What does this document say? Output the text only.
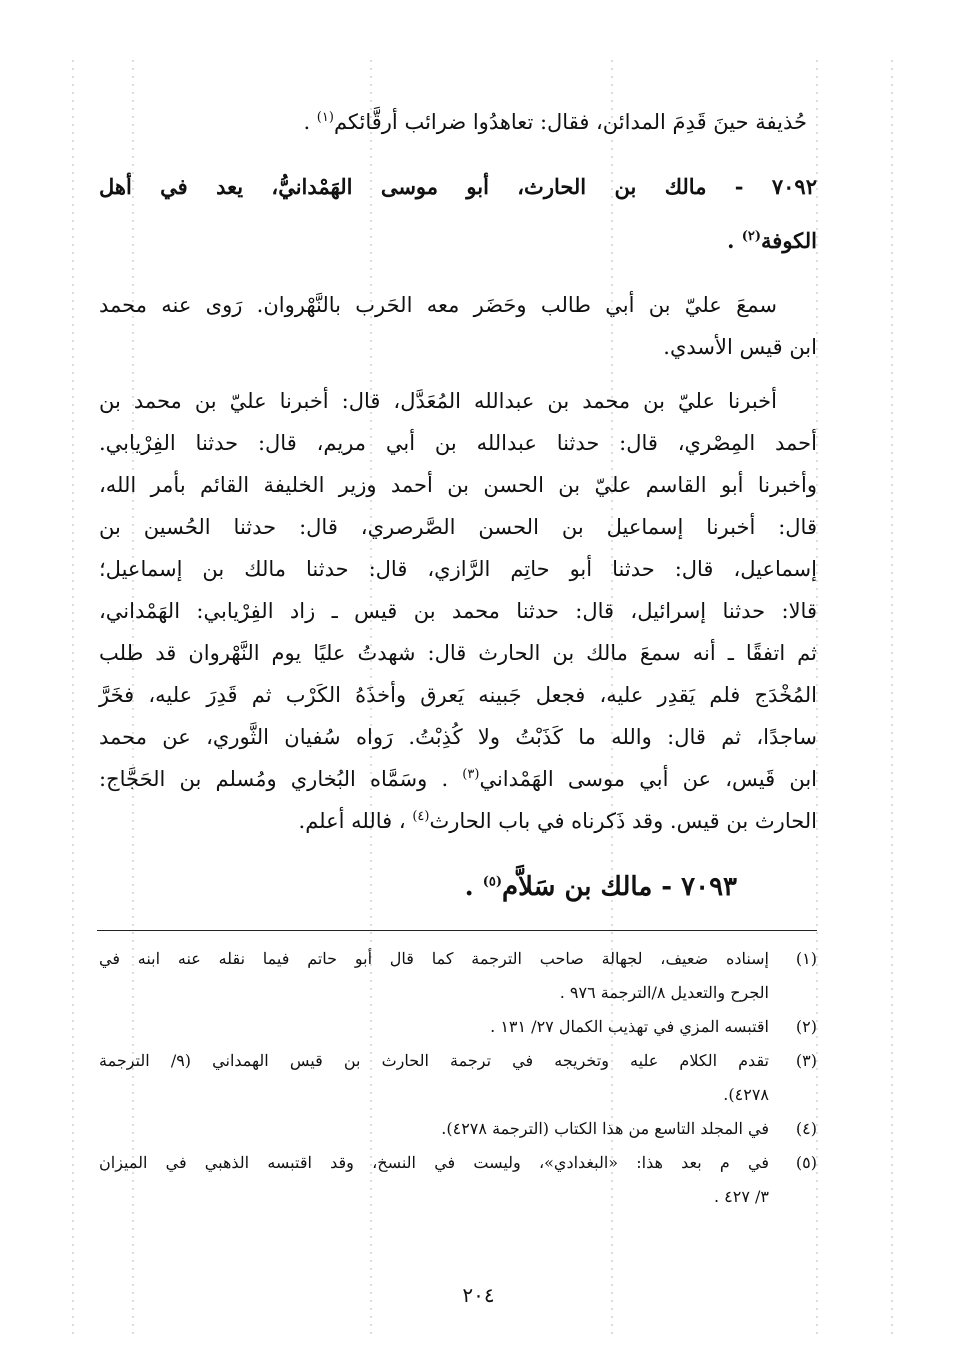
حُذيفة حينَ قَدِمَ المدائن، فقال: تعاهدُوا ضرائب أرقَّائكم$^{(١)}$ .
٧٠٩٢ - مالك بن الحارث، أبو موسى الهَمْدانيُّ، يعد في أهل
الكوفة$^{(٢)}$ .
سمعَ عليّ بن أبي طالب وحَضَر معه الحَرب بالنَّهْروان. رَوى عنه محمد
ابن قيس الأسدي.
أخبرنا عليّ بن محمد بن عبدالله المُعَدَّل، قال: أخبرنا عليّ بن محمد بن
أحمد المِصْري، قال: حدثنا عبدالله بن أبي مريم، قال: حدثنا الفِرْيابي.
وأخبرنا أبو القاسم عليّ بن الحسن بن أحمد وزير الخليفة القائم بأمر الله،
قال: أخبرنا إسماعيل بن الحسن الصَّرصري، قال: حدثنا الحُسين بن
إسماعيل، قال: حدثنا أبو حاتِم الرَّازي، قال: حدثنا مالك بن إسماعيل؛
قالا: حدثنا إسرائيل، قال: حدثنا محمد بن قيس ـ زاد الفِرْيابي: الهَمْداني،
ثم اتفقًا ـ أنه سمعَ مالك بن الحارث قال: شهدتُ عليًا يوم النَّهْروان قد طلب
المُخْدَج فلم يَقدِر عليه، فجعل جَبينه يَعرق وأخذَهُ الكَرْب ثم قَدِرَ عليه، فخَرَّ
ساجدًا، ثم قال: والله ما كَذَبْتُ ولا كُذِبْتُ. رَواه سُفيان الثَّوري، عن محمد
ابن قَيس، عن أبي موسى الهَمْداني$^{(٣)}$ . وسَمَّاه البُخاري ومُسلم بن الحَجَّاج:
الحارث بن قيس. وقد ذَكرناه في باب الحارث$^{(٤)}$ ، فالله أعلم.
٧٠٩٣ - مالك بن سَلاَّم$^{(٥)}$ .
(١)
إسناده ضعيف، لجهالة صاحب الترجمة كما قال أبو حاتم فيما نقله عنه ابنه في
الجرح والتعديل ٨/الترجمة ٩٧٦ .
(٢)
اقتبسه المزي في تهذيب الكمال ٢٧/ ١٣١ .
(٣)
تقدم الكلام عليه وتخريجه في ترجمة الحارث بن قيس الهمداني (٩/ الترجمة
٤٢٧٨).
(٤)
في المجلد التاسع من هذا الكتاب (الترجمة ٤٢٧٨).
(٥)
في م بعد هذا: «البغدادي»، وليست في النسخ، وقد اقتبسه الذهبي في الميزان
٣/ ٤٢٧ .
٢٠٤
